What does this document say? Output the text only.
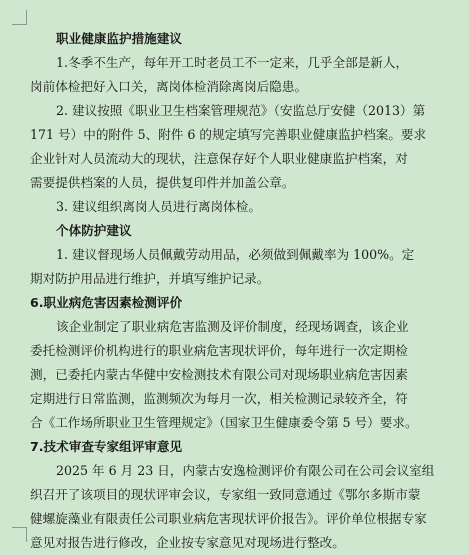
职业健康监护措施建议
1.冬季不生产，每年开工时老员工不一定来，几乎全部是新人，
岗前体检把好入口关，离岗体检消除离岗后隐患。
2. 建议按照《职业卫生档案管理规范》（安监总厅安健（2013）第
171 号）中的附件 5、附件 6 的规定填写完善职业健康监护档案。要求
企业针对人员流动大的现状，注意保存好个人职业健康监护档案，对
需要提供档案的人员，提供复印件并加盖公章。
3. 建议组织离岗人员进行离岗体检。
个体防护建议
1. 建议督现场人员佩戴劳动用品，必须做到佩戴率为 100%。定
期对防护用品进行维护，并填写维护记录。
6.职业病危害因素检测评价
该企业制定了职业病危害监测及评价制度，经现场调查，该企业
委托检测评价机构进行的职业病危害现状评价，每年进行一次定期检
测，已委托内蒙古华健中安检测技术有限公司对现场职业病危害因素
定期进行日常监测，监测频次为每月一次，相关检测记录较齐全，符
合《工作场所职业卫生管理规定》（国家卫生健康委令第 5 号）要求。
7.技术审查专家组评审意见
2025 年 6 月 23 日，内蒙古安逸检测评价有限公司在公司会议室组
织召开了该项目的现状评审会议，专家组一致同意通过《鄂尔多斯市蒙
健螺旋藻业有限责任公司职业病危害现状评价报告》。评价单位根据专家
意见对报告进行修改，企业按专家意见对现场进行整改。
